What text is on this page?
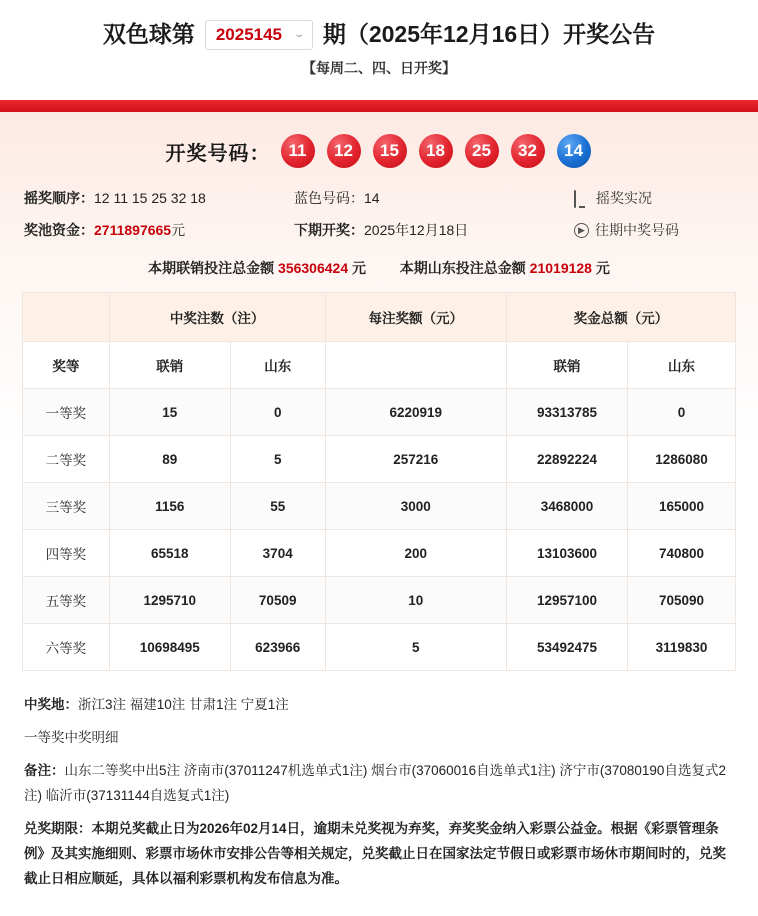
双色球第 2025145 ⌄ 期（2025年12月16日）开奖公告
【每周二、四、日开奖】
开奖号码：	11	12	15	18	25	32	14
摇奖顺序： 12 11 15 25 32 18	蓝色号码： 14	摇奖实况
奖池资金： 2711897665 元	下期开奖： 2025年12月18日	▶ 往期中奖号码
本期联销投注总金额 356306424 元 本期山东投注总金额 21019128 元
	中奖注数（注）		每注奖额（元）	奖金总额（元）	
奖等	联销	山东		联销	山东
一等奖	15	0	6220919	93313785	0
二等奖	89	5	257216	22892224	1286080
三等奖	1156	55	3000	3468000	165000
四等奖	65518	3704	200	13103600	740800
五等奖	1295710	70509	10	12957100	705090
六等奖	10698495	623966	5	53492475	3119830

中奖地：浙江3注 福建10注 甘肃1注 宁夏1注

一等奖中奖明细

备注：山东二等奖中出5注 济南市(37011247机选单式1注) 烟台市(37060016自选单式1注) 济宁市(37080190自选复式2注) 临沂市(37131144自选复式1注)

兑奖期限：本期兑奖截止日为2026年02月14日，逾期未兑奖视为弃奖，弃奖奖金纳入彩票公益金。根据《彩票管理条例》及其实施细则、彩票市场休市安排公告等相关规定，兑奖截止日在国家法定节假日或彩票市场休市期间时的，兑奖截止日相应顺延，具体以福利彩票机构发布信息为准。
